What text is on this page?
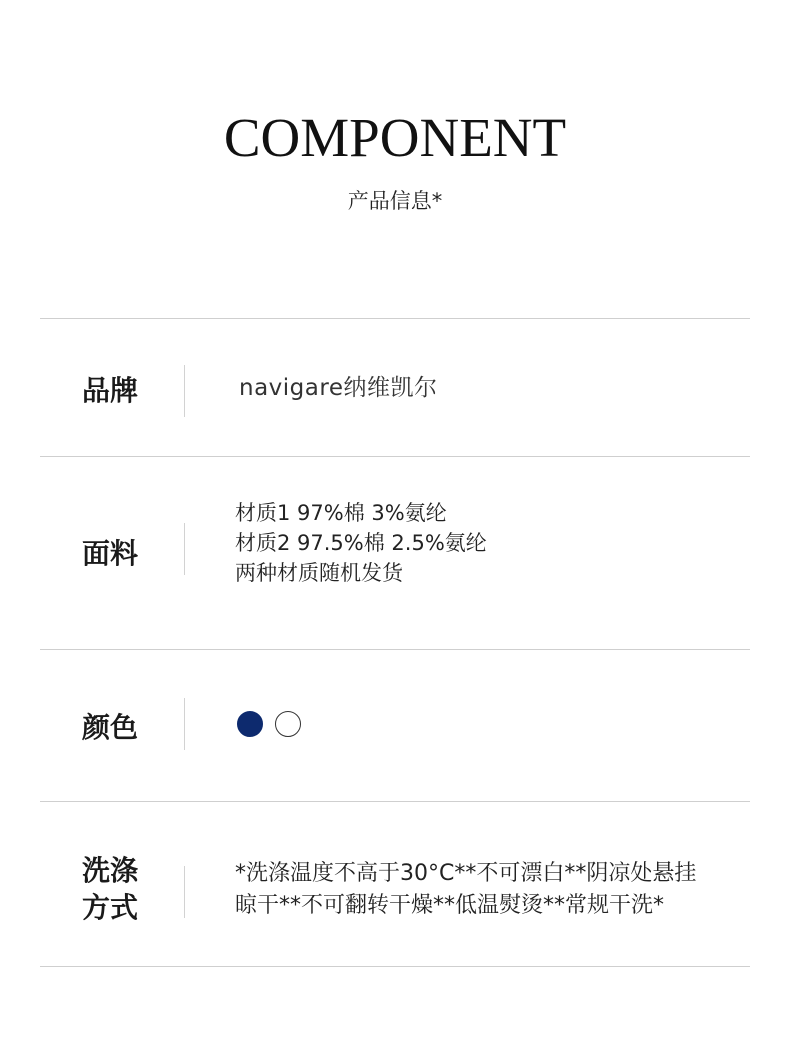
COMPONENT
产品信息*
品牌	navigare纳维凯尔
面料
材质1 97%棉 3%氨纶
材质2 97.5%棉 2.5%氨纶
两种材质随机发货
颜色
洗涤
方式
*洗涤温度不高于30°C**不可漂白**阴凉处悬挂
晾干**不可翻转干燥**低温熨烫**常规干洗*
